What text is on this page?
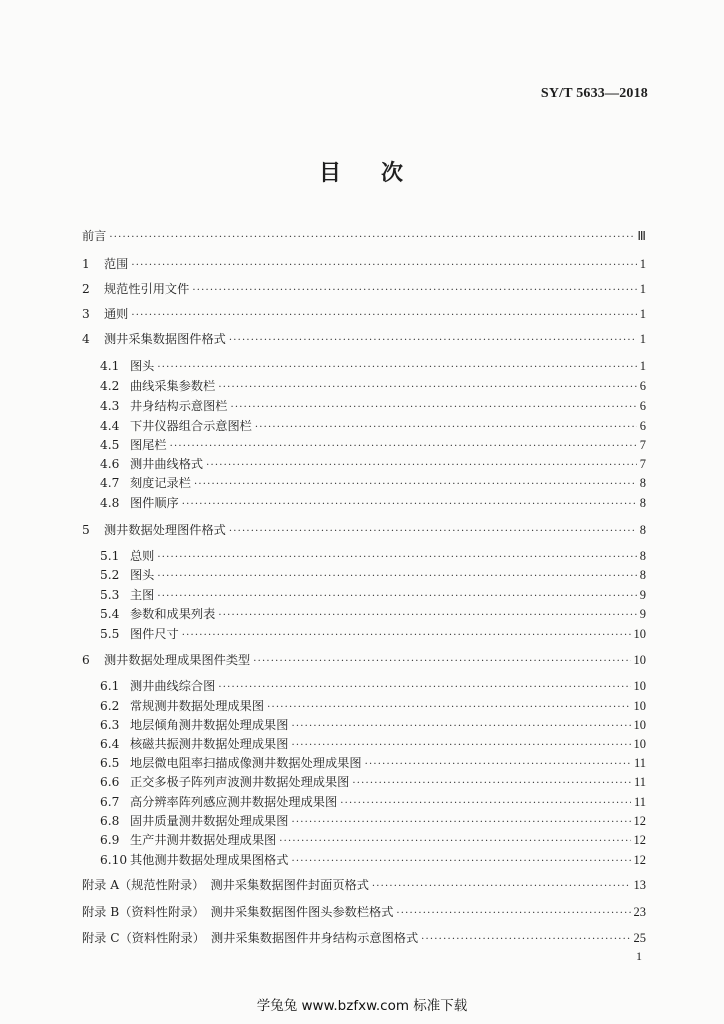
SY/T 5633—2018
目 次
前言 ·····	Ⅲ
1	范围 ·····	1
2	规范性引用文件 ·····	1
3	通则 ·····	1
4	测井采集数据图件格式 ·····	1
4.1 图头 ·····	1
4.2 曲线采集参数栏 ·····	6
4.3 井身结构示意图栏 ·····	6
4.4 下井仪器组合示意图栏 ·····	6
4.5 图尾栏 ·····	7
4.6 测井曲线格式 ·····	7
4.7 刻度记录栏 ·····	8
4.8 图件顺序 ·····	8
5	测井数据处理图件格式 ·····	8
5.1 总则 ·····	8
5.2 图头 ·····	8
5.3 主图 ·····	9
5.4 参数和成果列表 ·····	9
5.5 图件尺寸 ·····	10
6	测井数据处理成果图件类型 ·····	10
6.1 测井曲线综合图 ·····	10
6.2 常规测井数据处理成果图 ·····	10
6.3 地层倾角测井数据处理成果图 ·····	10
6.4 核磁共振测井数据处理成果图 ·····	10
6.5 地层微电阻率扫描成像测井数据处理成果图 ·····	11
6.6 正交多极子阵列声波测井数据处理成果图 ·····	11
6.7 高分辨率阵列感应测井数据处理成果图 ·····	11
6.8 固井质量测井数据处理成果图 ·····	12
6.9 生产井测井数据处理成果图 ·····	12
6.10 其他测井数据处理成果图格式 ·····	12
附录 A（规范性附录）　测井采集数据图件封面页格式 ·····	13
附录 B（资料性附录）　测井采集数据图件图头参数栏格式 ·····	23
附录 C（资料性附录）　测井采集数据图件井身结构示意图格式 ·····	25
1
学兔兔 www.bzfxw.com 标准下载
